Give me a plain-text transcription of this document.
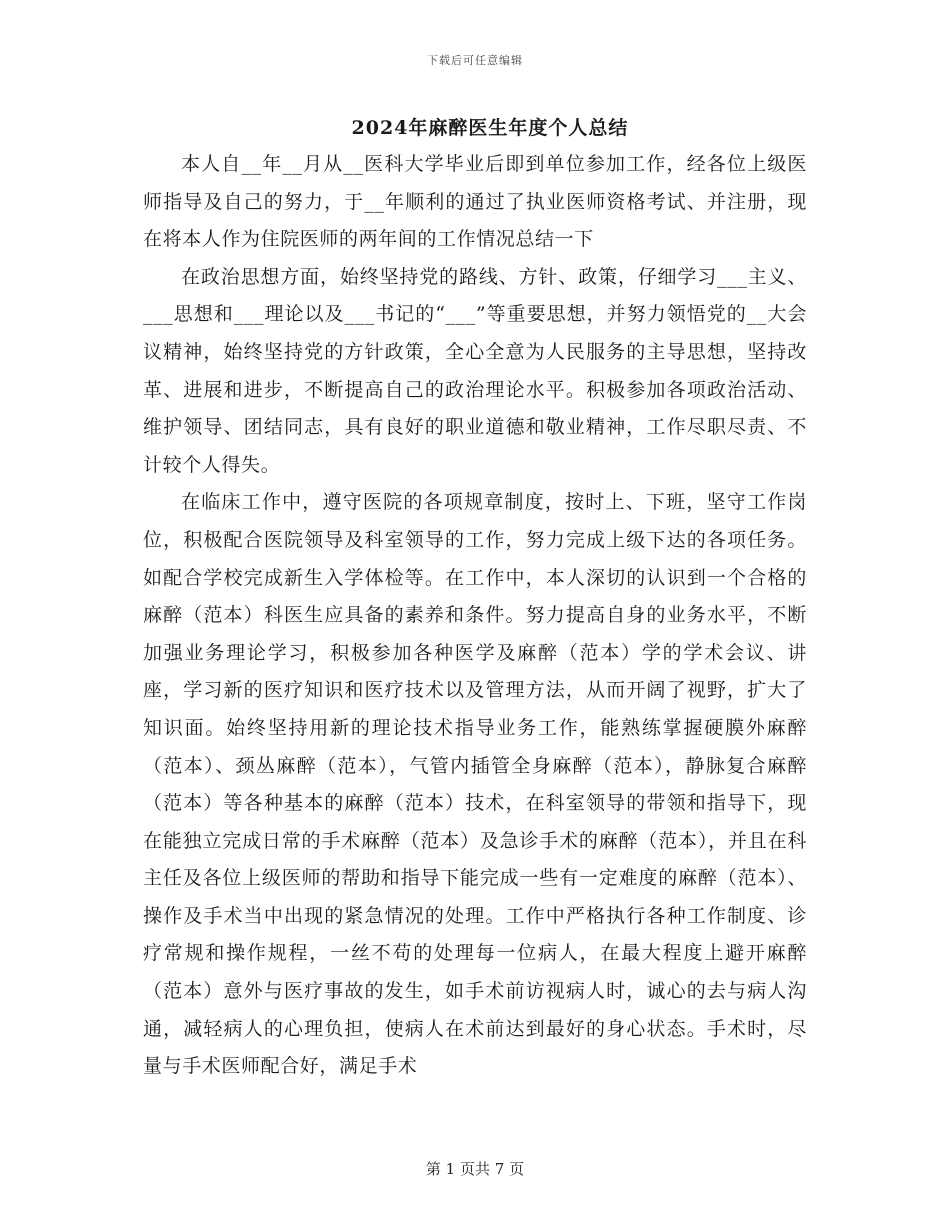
下载后可任意编辑
2024年麻醉医生年度个人总结

本人自__年__月从__医科大学毕业后即到单位参加工作，经各位上级医师指导及自己的努力，于__年顺利的通过了执业医师资格考试、并注册，现在将本人作为住院医师的两年间的工作情况总结一下

在政治思想方面，始终坚持党的路线、方针、政策，仔细学习___主义、___思想和___理论以及___书记的“___”等重要思想，并努力领悟党的__大会议精神，始终坚持党的方针政策，全心全意为人民服务的主导思想，坚持改革、进展和进步，不断提高自己的政治理论水平。积极参加各项政治活动、维护领导、团结同志，具有良好的职业道德和敬业精神，工作尽职尽责、不计较个人得失。

在临床工作中，遵守医院的各项规章制度，按时上、下班，坚守工作岗位，积极配合医院领导及科室领导的工作，努力完成上级下达的各项任务。如配合学校完成新生入学体检等。在工作中，本人深切的认识到一个合格的麻醉（范本）科医生应具备的素养和条件。努力提高自身的业务水平，不断加强业务理论学习，积极参加各种医学及麻醉（范本）学的学术会议、讲座，学习新的医疗知识和医疗技术以及管理方法，从而开阔了视野，扩大了知识面。始终坚持用新的理论技术指导业务工作，能熟练掌握硬膜外麻醉（范本）、颈丛麻醉（范本），气管内插管全身麻醉（范本），静脉复合麻醉（范本）等各种基本的麻醉（范本）技术，在科室领导的带领和指导下，现在能独立完成日常的手术麻醉（范本）及急诊手术的麻醉（范本），并且在科主任及各位上级医师的帮助和指导下能完成一些有一定难度的麻醉（范本）、操作及手术当中出现的紧急情况的处理。工作中严格执行各种工作制度、诊疗常规和操作规程，一丝不苟的处理每一位病人，在最大程度上避开麻醉（范本）意外与医疗事故的发生，如手术前访视病人时，诚心的去与病人沟通，减轻病人的心理负担，使病人在术前达到最好的身心状态。手术时，尽量与手术医师配合好，满足手术

第 1 页共 7 页
